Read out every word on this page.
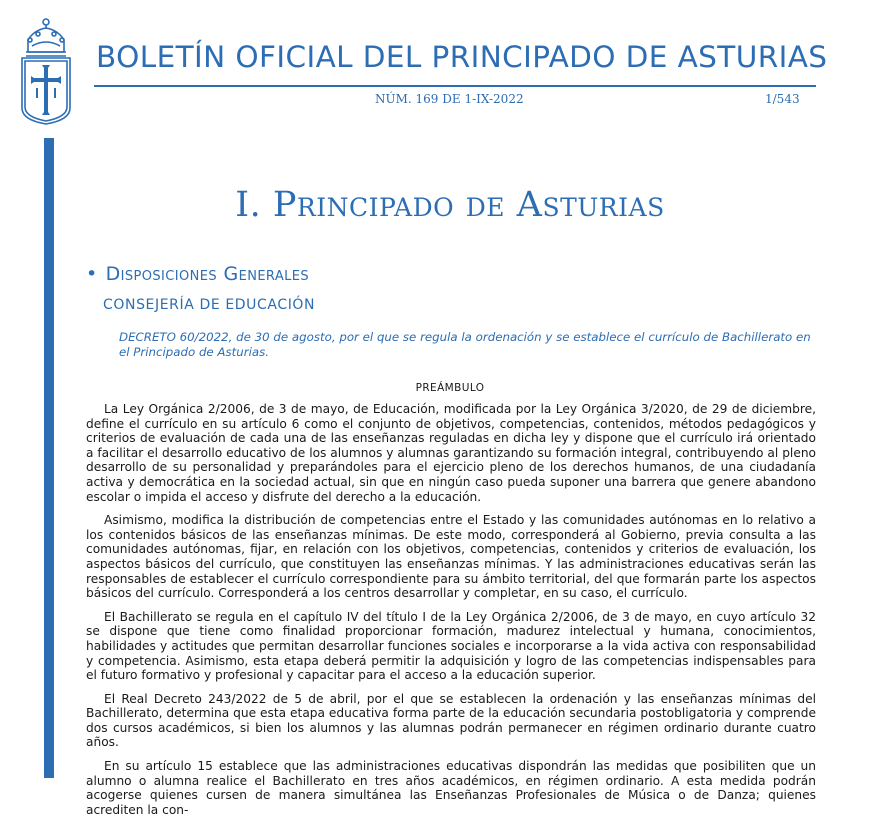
BOLETÍN OFICIAL DEL PRINCIPADO DE ASTURIAS
NÚM. 169 DE 1-IX-2022	1/543
I. Principado de Asturias
• Disposiciones Generales
CONSEJERÍA DE EDUCACIÓN
DECRETO 60/2022, de 30 de agosto, por el que se regula la ordenación y se establece el currículo de Bachillerato en el Principado de Asturias.
PREÁMBULO

La Ley Orgánica 2/2006, de 3 de mayo, de Educación, modificada por la Ley Orgánica 3/2020, de 29 de diciembre, define el currículo en su artículo 6 como el conjunto de objetivos, competencias, contenidos, métodos pedagógicos y criterios de evaluación de cada una de las enseñanzas reguladas en dicha ley y dispone que el currículo irá orientado a facilitar el desarrollo educativo de los alumnos y alumnas garantizando su formación integral, contribuyendo al pleno desarrollo de su personalidad y preparándoles para el ejercicio pleno de los derechos humanos, de una ciudadanía activa y democrática en la sociedad actual, sin que en ningún caso pueda suponer una barrera que genere abandono escolar o impida el acceso y disfrute del derecho a la educación.

Asimismo, modifica la distribución de competencias entre el Estado y las comunidades autónomas en lo relativo a los contenidos básicos de las enseñanzas mínimas. De este modo, corresponderá al Gobierno, previa consulta a las comunidades autónomas, fijar, en relación con los objetivos, competencias, contenidos y criterios de evaluación, los aspectos básicos del currículo, que constituyen las enseñanzas mínimas. Y las administraciones educativas serán las responsables de establecer el currículo correspondiente para su ámbito territorial, del que formarán parte los aspectos básicos del currículo. Corresponderá a los centros desarrollar y completar, en su caso, el currículo.

El Bachillerato se regula en el capítulo IV del título I de la Ley Orgánica 2/2006, de 3 de mayo, en cuyo artículo 32 se dispone que tiene como finalidad proporcionar formación, madurez intelectual y humana, conocimientos, habilidades y actitudes que permitan desarrollar funciones sociales e incorporarse a la vida activa con responsabilidad y competencia. Asimismo, esta etapa deberá permitir la adquisición y logro de las competencias indispensables para el futuro formativo y profesional y capacitar para el acceso a la educación superior.

El Real Decreto 243/2022 de 5 de abril, por el que se establecen la ordenación y las enseñanzas mínimas del Bachillerato, determina que esta etapa educativa forma parte de la educación secundaria postobligatoria y comprende dos cursos académicos, si bien los alumnos y las alumnas podrán permanecer en régimen ordinario durante cuatro años.

En su artículo 15 establece que las administraciones educativas dispondrán las medidas que posibiliten que un alumno o alumna realice el Bachillerato en tres años académicos, en régimen ordinario. A esta medida podrán acogerse quienes cursen de manera simultánea las Enseñanzas Profesionales de Música o de Danza; quienes acrediten la con-
